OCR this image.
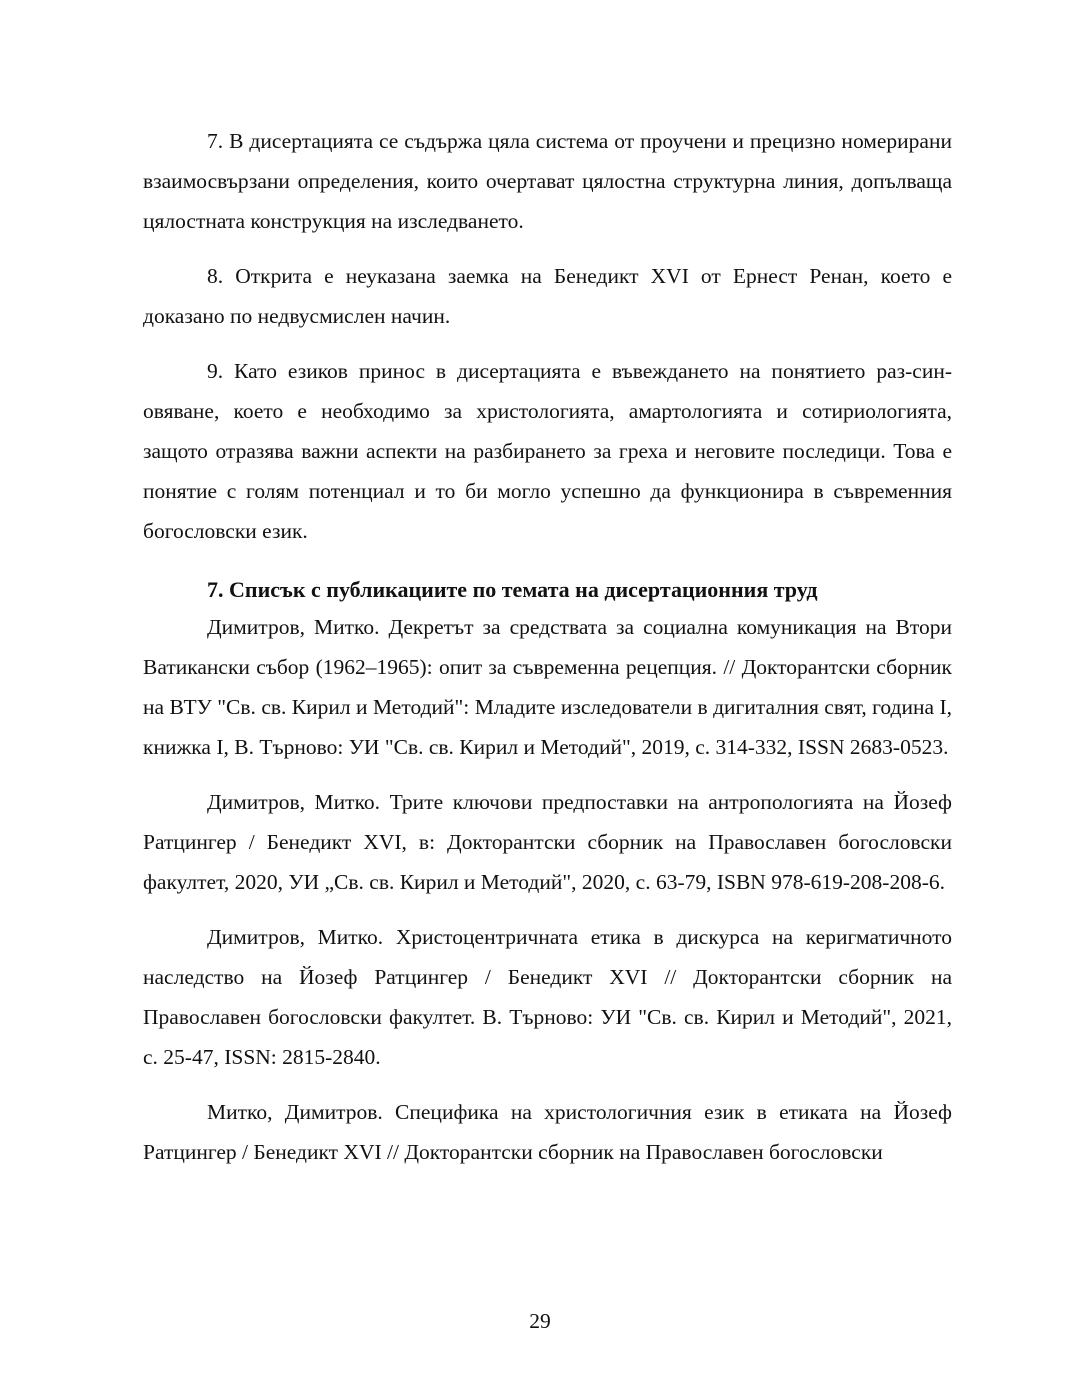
7. В дисертацията се съдържа цяла система от проучени и прецизно номерирани взаимосвързани определения, които очертават цялостна структурна линия, допълваща цялостната конструкция на изследването.

8. Открита е неуказана заемка на Бенедикт XVI от Ернест Ренан, което е доказано по недвусмислен начин.

9. Като езиков принос в дисертацията е въвеждането на понятието раз-син-овяване, което е необходимо за христологията, амартологията и сотириологията, защото отразява важни аспекти на разбирането за греха и неговите последици. Това е понятие с голям потенциал и то би могло успешно да функционира в съвременния богословски език.

7. Списък с публикациите по темата на дисертационния труд

Димитров, Митко. Декретът за средствата за социална комуникация на Втори Ватикански събор (1962–1965): опит за съвременна рецепция. // Докторантски сборник на ВТУ "Св. св. Кирил и Методий": Младите изследователи в дигиталния свят, година I, книжка I, В. Търново: УИ "Св. св. Кирил и Методий", 2019, с. 314-332, ISSN 2683-0523.

Димитров, Митко. Трите ключови предпоставки на антропологията на Йозеф Ратцингер / Бенедикт XVI, в: Докторантски сборник на Православен богословски факултет, 2020, УИ „Св. св. Кирил и Методий", 2020, с. 63-79, ISBN 978-619-208-208-6.

Димитров, Митко. Христоцентричната етика в дискурса на керигматичното наследство на Йозеф Ратцингер / Бенедикт XVI // Докторантски сборник на Православен богословски факултет. В. Търново: УИ "Св. св. Кирил и Методий", 2021, с. 25-47, ISSN: 2815-2840.

Митко, Димитров. Специфика на христологичния език в етиката на Йозеф Ратцингер / Бенедикт XVI // Докторантски сборник на Православен богословски

29
